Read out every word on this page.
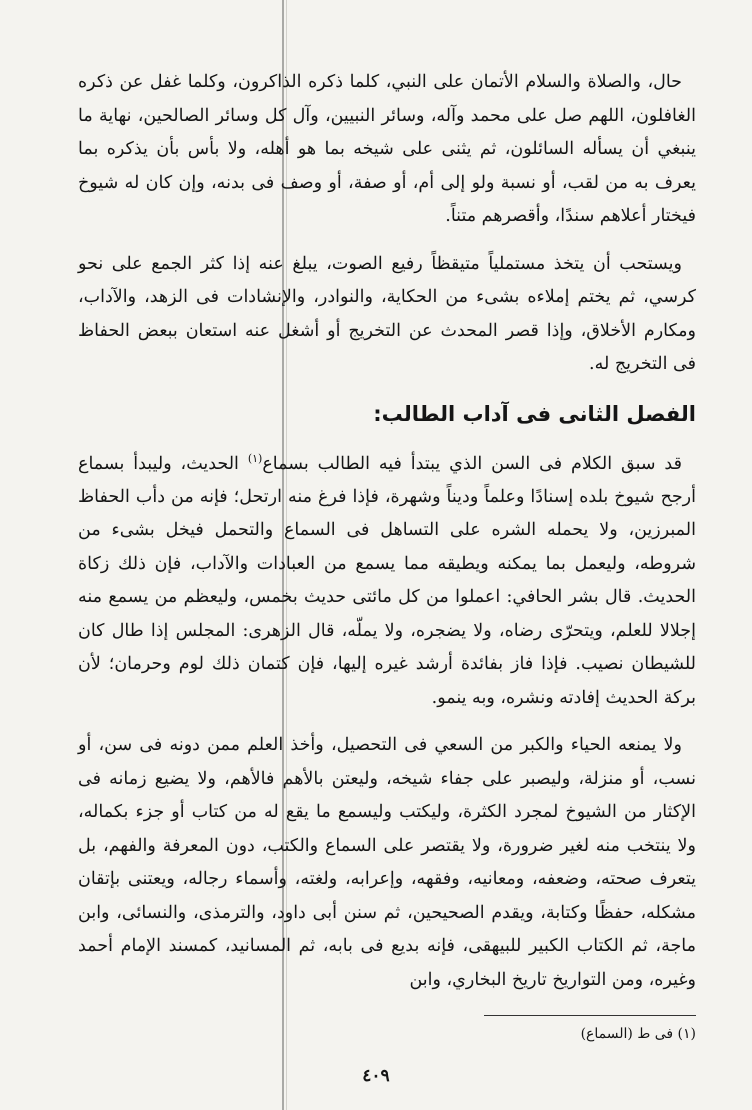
حال، والصلاة والسلام الأتمان على النبي، كلما ذكره الذاكرون، وكلما غفل عن ذكره الغافلون، اللهم صل على محمد وآله، وسائر النبيين، وآل كل وسائر الصالحين، نهاية ما ينبغي أن يسأله السائلون، ثم يثنى على شيخه بما هو أهله، ولا بأس بأن يذكره بما يعرف به من لقب، أو نسبة ولو إلى أم، أو صفة، أو وصف فى بدنه، وإن كان له شيوخ فيختار أعلاهم سندًا، وأقصرهم متناً.

ويستحب أن يتخذ مستملياً متيقظاً رفيع الصوت، يبلغ عنه إذا كثر الجمع على نحو كرسي، ثم يختم إملاءه بشىء من الحكاية، والنوادر، والإنشادات فى الزهد، والآداب، ومكارم الأخلاق، وإذا قصر المحدث عن التخريج أو أشغل عنه استعان ببعض الحفاظ فى التخريج له.

الفصل الثانى فى آداب الطالب:

قد سبق الكلام فى السن الذي يبتدأ فيه الطالب بسماع$^{(١)}$ الحديث، وليبدأ بسماع أرجح شيوخ بلده إسنادًا وعلماً وديناً وشهرة، فإذا فرغ منه ارتحل؛ فإنه من دأب الحفاظ المبرزين، ولا يحمله الشره على التساهل فى السماع والتحمل فيخل بشىء من شروطه، وليعمل بما يمكنه ويطيقه مما يسمع من العبادات والآداب، فإن ذلك زكاة الحديث. قال بشر الحافي: اعملوا من كل مائتى حديث بخمس، وليعظم من يسمع منه إجلالا للعلم، ويتحرّى رضاه، ولا يضجره، ولا يملّه، قال الزهرى: المجلس إذا طال كان للشيطان نصيب. فإذا فاز بفائدة أرشد غيره إليها، فإن كتمان ذلك لوم وحرمان؛ لأن بركة الحديث إفادته ونشره، وبه ينمو.

ولا يمنعه الحياء والكبر من السعي فى التحصيل، وأخذ العلم ممن دونه فى سن، أو نسب، أو منزلة، وليصبر على جفاء شيخه، وليعتن بالأهم فالأهم، ولا يضيع زمانه فى الإكثار من الشيوخ لمجرد الكثرة، وليكتب وليسمع ما يقع له من كتاب أو جزء بكماله، ولا ينتخب منه لغير ضرورة، ولا يقتصر على السماع والكتب، دون المعرفة والفهم، بل يتعرف صحته، وضعفه، ومعانيه، وفقهه، وإعرابه، ولغته، وأسماء رجاله، ويعتنى بإتقان مشكله، حفظًا وكتابة، ويقدم الصحيحين، ثم سنن أبى داود، والترمذى، والنسائى، وابن ماجة، ثم الكتاب الكبير للبيهقى، فإنه بديع فى بابه، ثم المسانيد، كمسند الإمام أحمد وغيره، ومن التواريخ تاريخ البخاري، وابن

(١) فى ط (السماع)
٤٠٩
